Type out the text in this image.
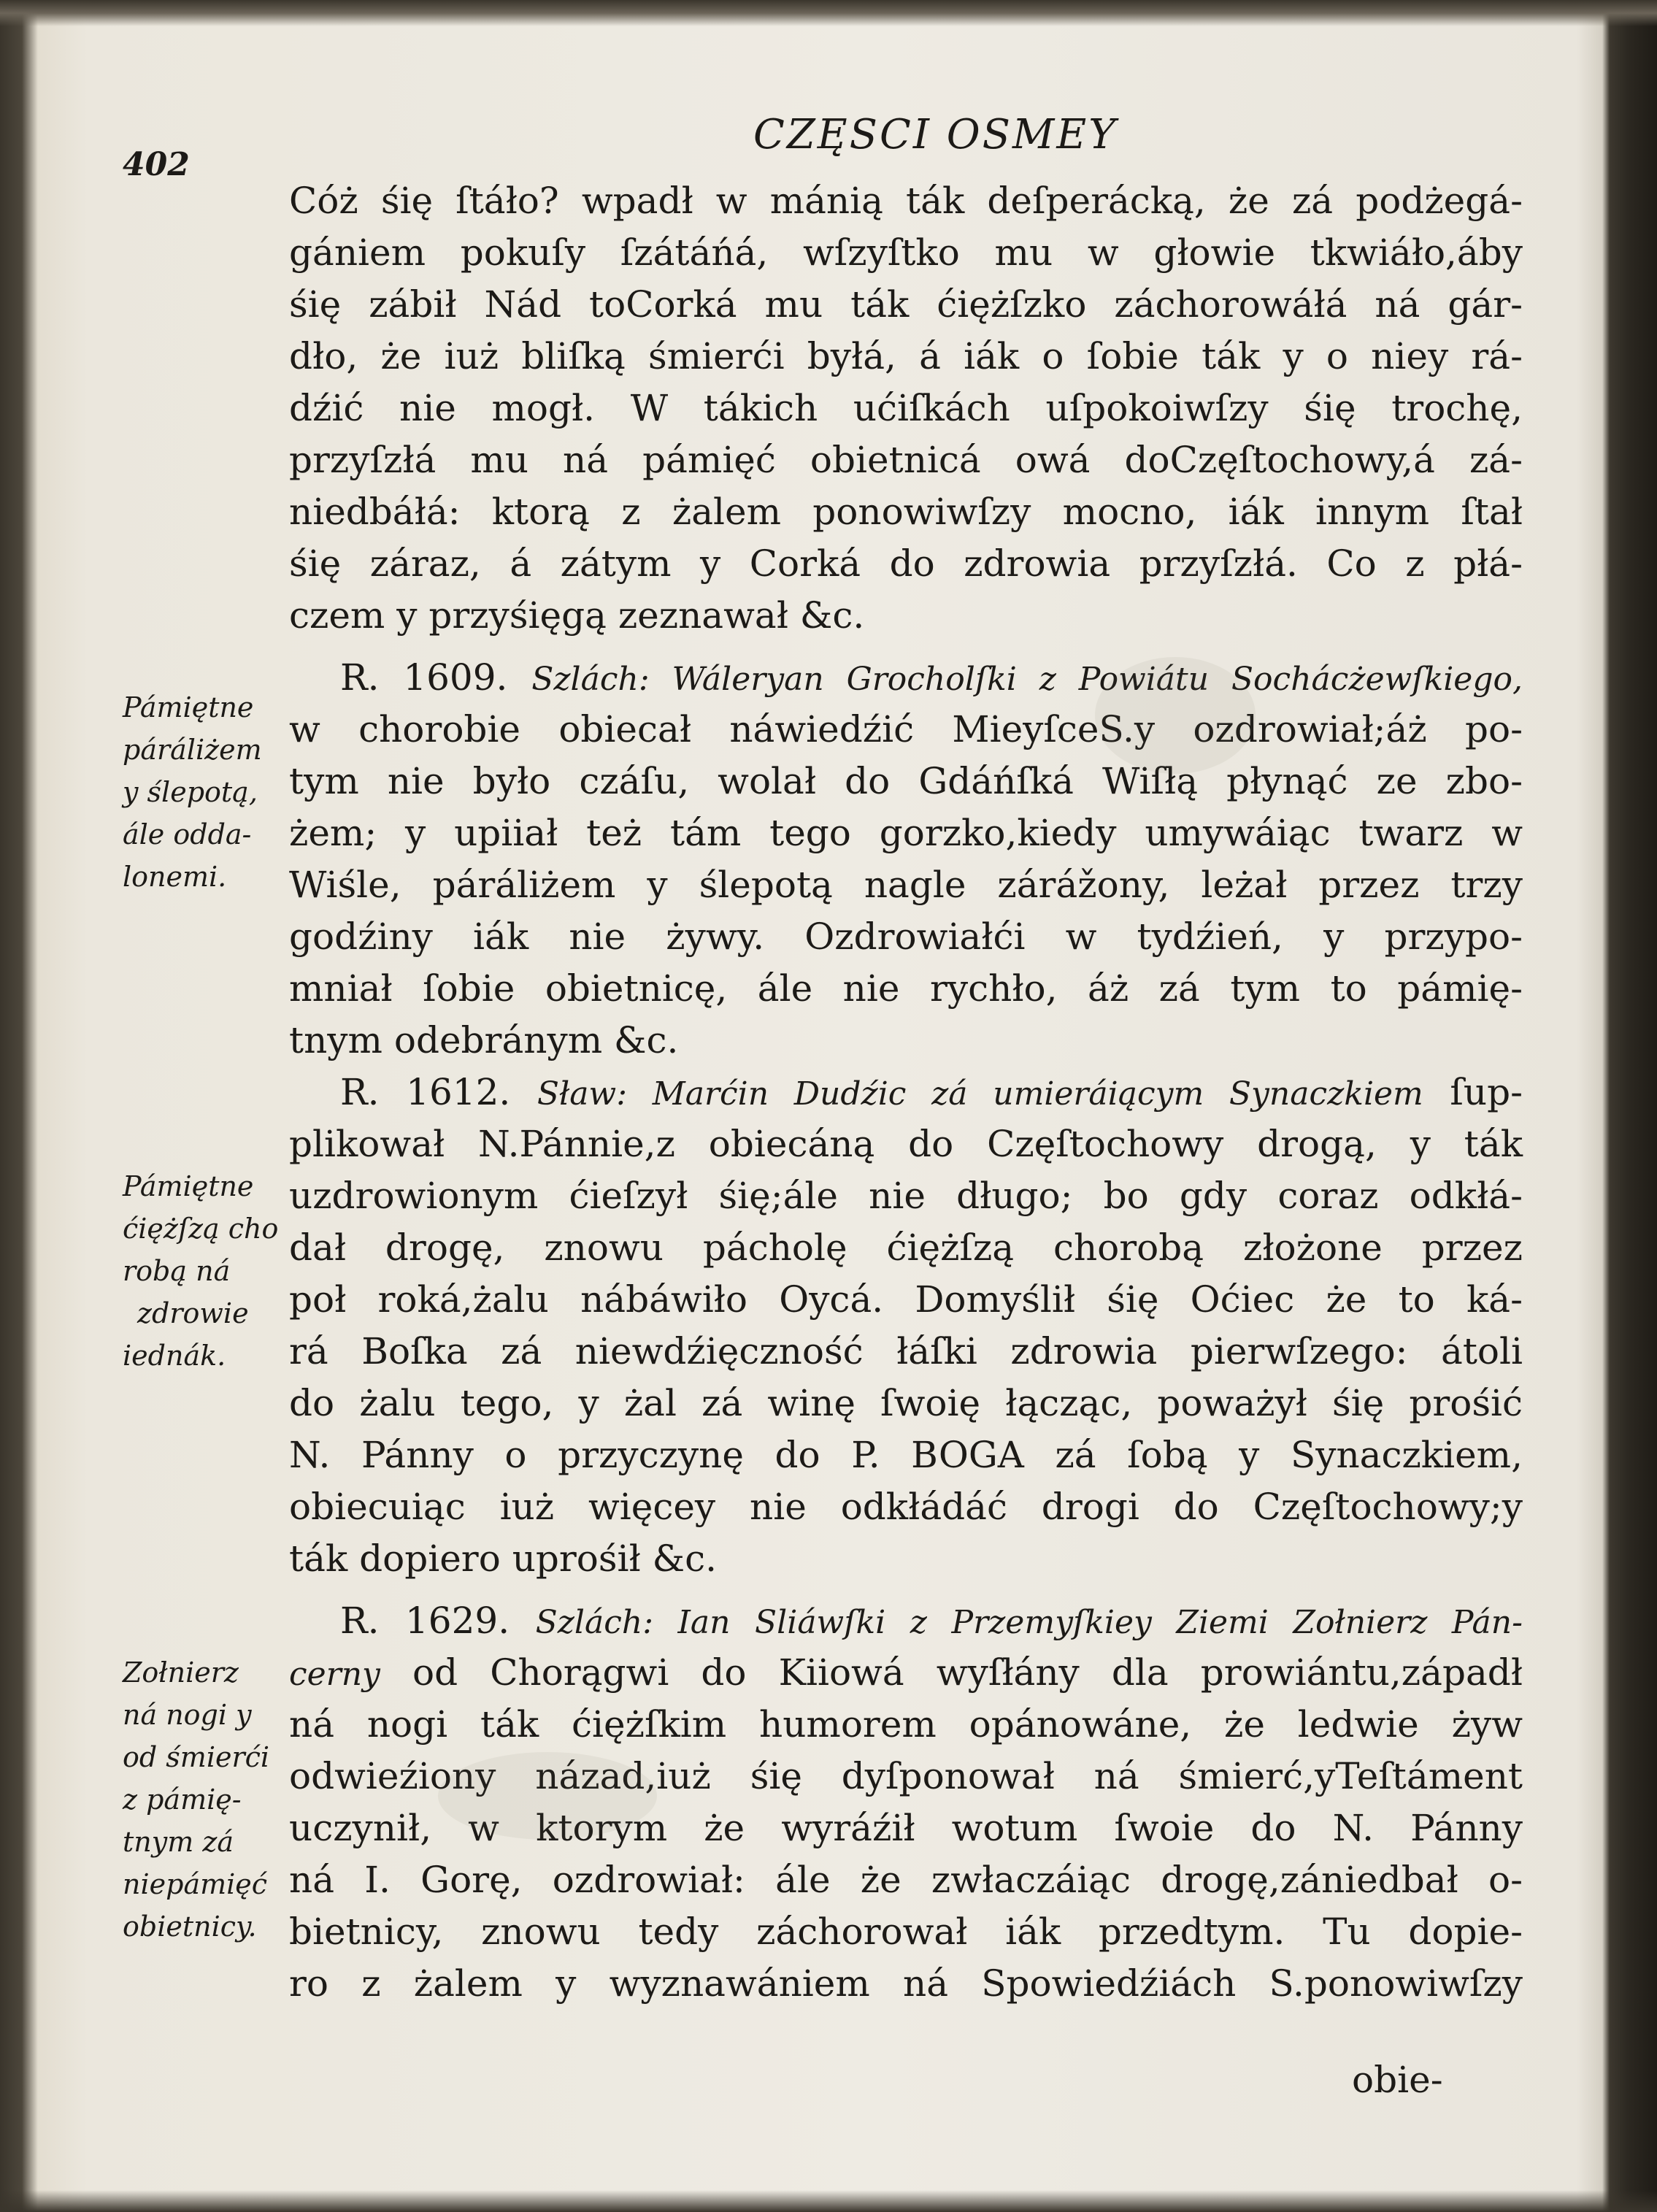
402
CZĘSCI OSMEY
Cóż śię ſtáło? wpadł w mánią ták deſperácką, że zá podżegá-
gániem pokuſy ſzátáńá, wſzyſtko mu w głowie tkwiáło,áby
śię zábił Nád toCorká mu ták ćiężſzko záchorowáłá ná gár-
dło, że iuż bliſką śmierći byłá, á iák o ſobie ták y o niey rá-
dźić nie mogł. W tákich ućiſkách uſpokoiwſzy śię trochę,
przyſzłá mu ná pámięć obietnicá owá doCzęſtochowy,á zá-
niedbáłá: ktorą z żalem ponowiwſzy mocno, iák innym ſtał
śię záraz, á zátym y Corká do zdrowia przyſzłá. Co z płá-
czem y przyśięgą zeznawał &c.
R. 1609. Szlách: Wáleryan Grocholſki z Powiátu Sochácżewſkiego,
w chorobie obiecał náwiedźić MieyſceS.y ozdrowiał;áż po-
tym nie było czáſu, wolał do Gdáńſká Wiſłą płynąć ze zbo-
żem; y upiiał też tám tego gorzko,kiedy umywáiąc twarz w
Wiśle, páráliżem y ślepotą nagle zárážony, leżał przez trzy
godźiny iák nie żywy. Ozdrowiałći w tydźień, y przypo-
mniał ſobie obietnicę, ále nie rychło, áż zá tym to pámię-
tnym odebránym &c.
R. 1612. Sław: Marćin Dudźic zá umieráiącym Synaczkiem ſup-
plikował N.Pánnie,z obiecáną do Częſtochowy drogą, y ták
uzdrowionym ćieſzył śię;ále nie długo; bo gdy coraz odkłá-
dał drogę, znowu pácholę ćiężſzą chorobą złożone przez
poł roká,żalu nábáwiło Oycá. Domyślił śię Oćiec że to ká-
rá Boſka zá niewdźięczność łáſki zdrowia pierwſzego: átoli
do żalu tego, y żal zá winę ſwoię łącząc, poważył śię prośić
N. Pánny o przyczynę do P. BOGA zá ſobą y Synaczkiem,
obiecuiąc iuż więcey nie odkłádáć drogi do Częſtochowy;y
ták dopiero uprośił &c.
R. 1629. Szlách: Ian Sliáwſki z Przemyſkiey Ziemi Zołnierz Pán-
cerny od Chorągwi do Kiiowá wyſłány dla prowiántu,západł
ná nogi ták ćiężſkim humorem opánowáne, że ledwie żyw
odwieźiony názad,iuż śię dyſponował ná śmierć,yTeſtáment
uczynił, w ktorym że wyráźił wotum ſwoie do N. Pánny
ná I. Gorę, ozdrowiał: ále że zwłaczáiąc drogę,zániedbał o-
bietnicy, znowu tedy záchorował iák przedtym. Tu dopie-
ro z żalem y wyznawániem ná Spowiedźiách S.ponowiwſzy
obie-
Pámiętne
páráliżem
y ślepotą,
ále odda-
lonemi.
Pámiętne
ćiężſzą cho
robą ná
zdrowie
iednák.
Zołnierz
ná nogi y
od śmierći
z pámię-
tnym zá
niepámięć
obietnicy.
